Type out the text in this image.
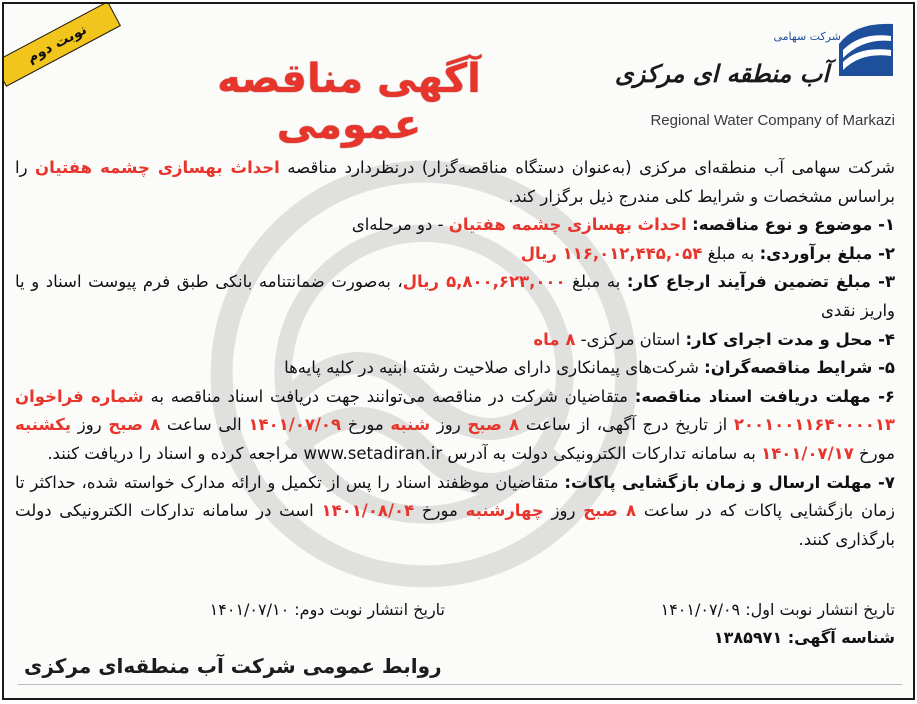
نوبت دوم
آگهی مناقصه عمومی
شرکت سهامی
آب منطقه ای مرکزی
Regional Water Company of Markazi

شرکت سهامی آب منطقه‌ای مرکزی (به‌عنوان دستگاه مناقصه‌گزار) درنظردارد مناقصه احداث بهسازی چشمه هفتیان را براساس مشخصات و شرایط کلی مندرج ذیل برگزار کند.

۱- موضوع و نوع مناقصه: احداث بهسازی چشمه هفتیان - دو مرحله‌ای

۲- مبلغ برآوردی: به مبلغ ۱۱۶,۰۱۲,۴۴۵,۰۵۴ ریال

۳- مبلغ تضمین فرآیند ارجاع کار: به مبلغ ۵,۸۰۰,۶۲۳,۰۰۰ ریال، به‌صورت ضمانتنامه بانکی طبق فرم پیوست اسناد و یا واریز نقدی

۴- محل و مدت اجرای کار: استان مرکزی- ۸ ماه

۵- شرایط مناقصه‌گران: شرکت‌های پیمانکاری دارای صلاحیت رشته ابنیه در کلیه پایه‌ها

۶- مهلت دریافت اسناد مناقصه: متقاضیان شرکت در مناقصه می‌توانند جهت دریافت اسناد مناقصه به شماره فراخوان ۲۰۰۱۰۰۱۱۶۴۰۰۰۰۱۳ از تاریخ درج آگهی، از ساعت ۸ صبح روز شنبه مورخ ۱۴۰۱/۰۷/۰۹ الی ساعت ۸ صبح روز یکشنبه مورخ ۱۴۰۱/۰۷/۱۷ به سامانه تدارکات الکترونیکی دولت به آدرس www.setadiran.ir مراجعه کرده و اسناد را دریافت کنند.

۷- مهلت ارسال و زمان بازگشایی پاکات: متقاضیان موظفند اسناد را پس از تکمیل و ارائه مدارک خواسته شده، حداکثر تا زمان بازگشایی پاکات که در ساعت ۸ صبح روز چهارشنبه مورخ ۱۴۰۱/۰۸/۰۴ است در سامانه تدارکات الکترونیکی دولت بارگذاری کنند.

تاریخ انتشار نوبت اول: ۱۴۰۱/۰۷/۰۹
تاریخ انتشار نوبت دوم: ۱۴۰۱/۰۷/۱۰
شناسه آگهی: ۱۳۸۵۹۷۱
روابط عمومی شرکت آب منطقه‌ای مرکزی
